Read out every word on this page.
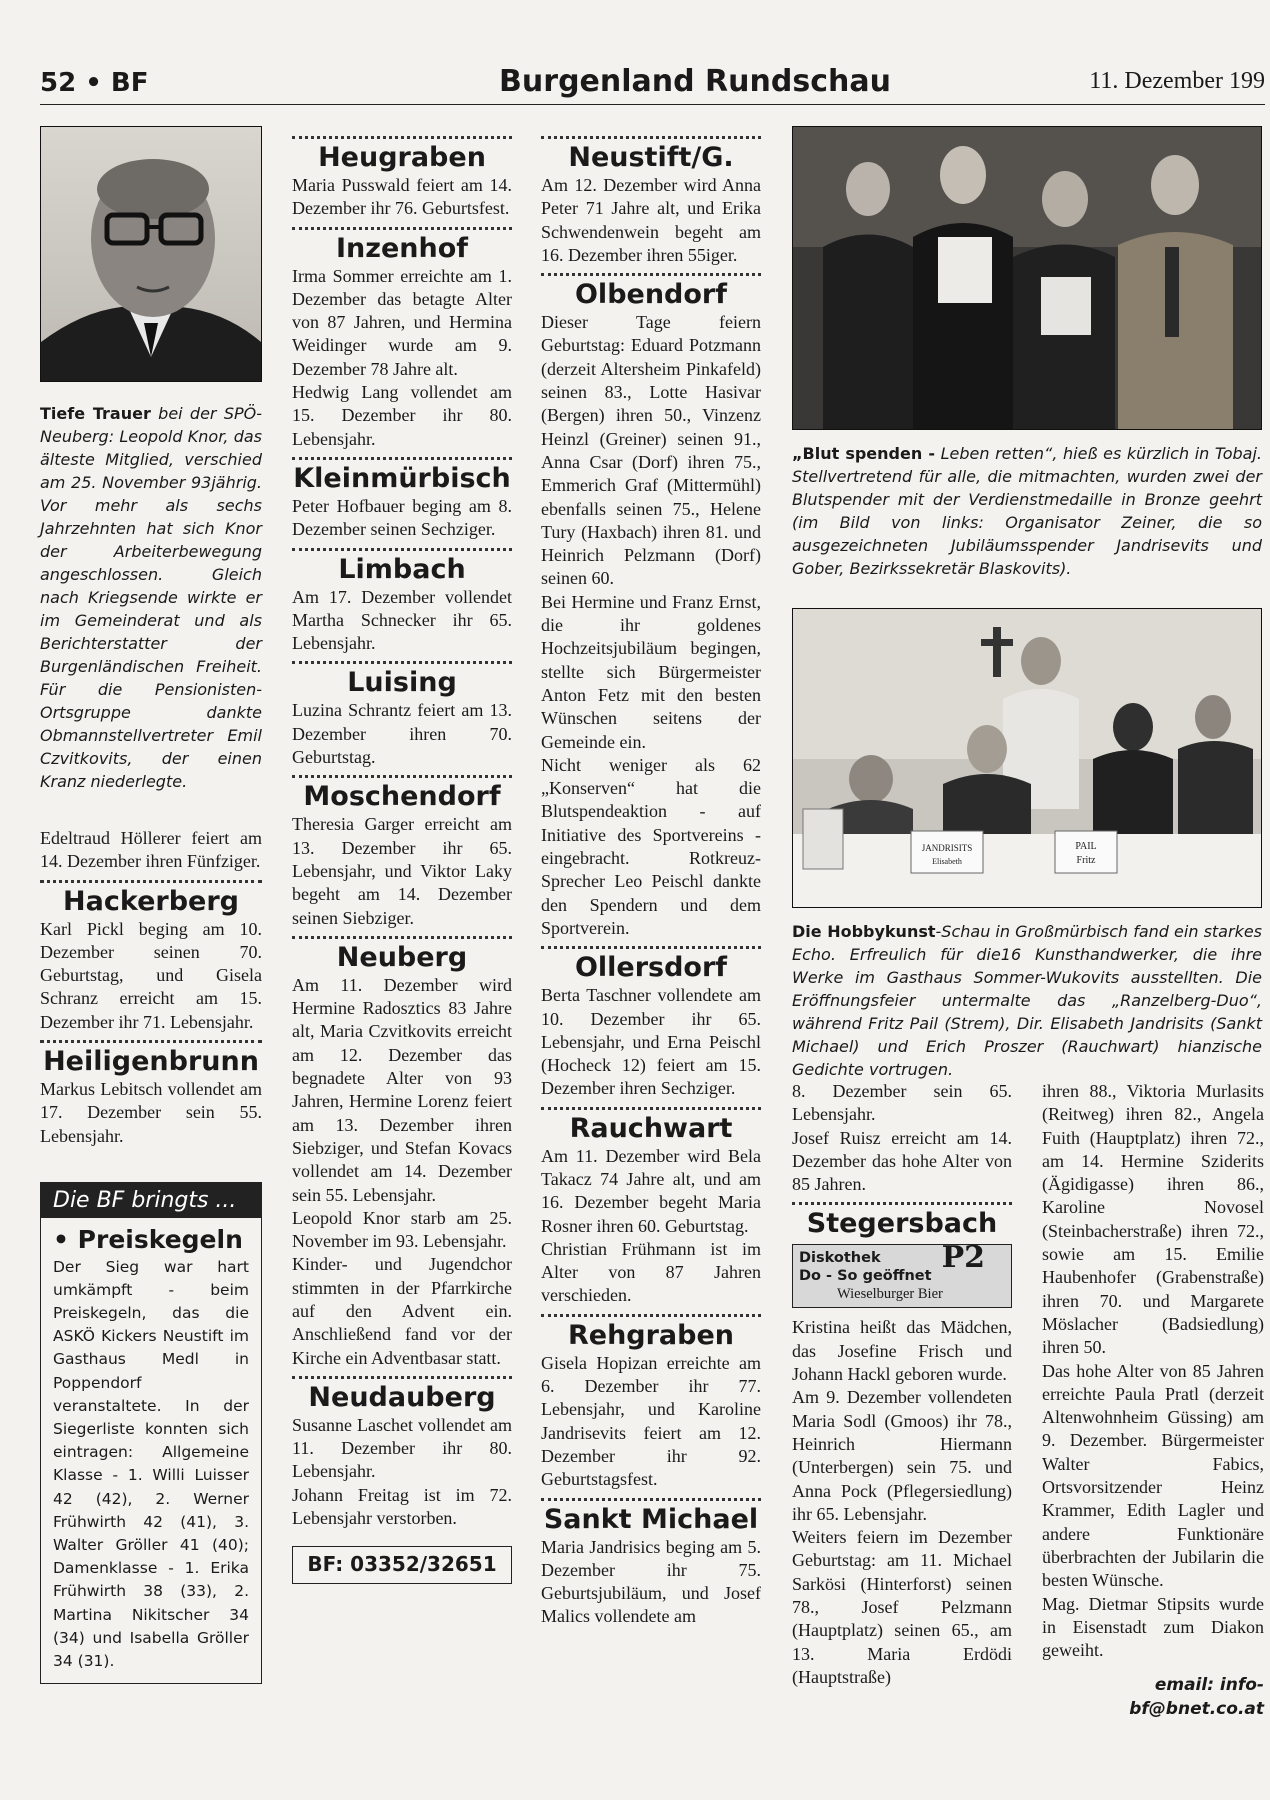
52 • BF	Burgenland Rundschau	11. Dezember 199

Tiefe Trauer bei der SPÖ-Neuberg: Leopold Knor, das älteste Mitglied, verschied am 25. November 93jährig. Vor mehr als sechs Jahrzehnten hat sich Knor der Arbeiterbewegung angeschlossen. Gleich nach Kriegsende wirkte er im Gemeinderat und als Berichterstatter der Burgenländischen Freiheit. Für die Pensionisten-Ortsgruppe dankte Obmannstellvertreter Emil Czvitkovits, der einen Kranz niederlegte.

Edeltraud Höllerer feiert am 14. Dezember ihren Fünfziger.

Hackerberg

Karl Pickl beging am 10. Dezember seinen 70. Geburtstag, und Gisela Schranz erreicht am 15. Dezember ihr 71. Lebensjahr.

Heiligenbrunn

Markus Lebitsch vollendet am 17. Dezember sein 55. Lebensjahr.

Die BF bringts ...
• Preiskegeln
Der Sieg war hart umkämpft - beim Preiskegeln, das die ASKÖ Kickers Neustift im Gasthaus Medl in Poppendorf veranstaltete. In der Siegerliste konnten sich eintragen: Allgemeine Klasse - 1. Willi Luisser 42 (42), 2. Werner Frühwirth 42 (41), 3. Walter Gröller 41 (40); Damenklasse - 1. Erika Frühwirth 38 (33), 2. Martina Nikitscher 34 (34) und Isabella Gröller 34 (31).
Heugraben

Maria Pusswald feiert am 14. Dezember ihr 76. Geburtsfest.

Inzenhof

Irma Sommer erreichte am 1. Dezember das betagte Alter von 87 Jahren, und Hermina Weidinger wurde am 9. Dezember 78 Jahre alt.

Hedwig Lang vollendet am 15. Dezember ihr 80. Lebensjahr.

Kleinmürbisch

Peter Hofbauer beging am 8. Dezember seinen Sechziger.

Limbach

Am 17. Dezember vollendet Martha Schnecker ihr 65. Lebensjahr.

Luising

Luzina Schrantz feiert am 13. Dezember ihren 70. Geburtstag.

Moschendorf

Theresia Garger erreicht am 13. Dezember ihr 65. Lebensjahr, und Viktor Laky begeht am 14. Dezember seinen Siebziger.

Neuberg

Am 11. Dezember wird Hermine Radosztics 83 Jahre alt, Maria Czvitkovits erreicht am 12. Dezember das begnadete Alter von 93 Jahren, Hermine Lorenz feiert am 13. Dezember ihren Siebziger, und Stefan Kovacs vollendet am 14. Dezember sein 55. Lebensjahr.

Leopold Knor starb am 25. November im 93. Lebensjahr.

Kinder- und Jugendchor stimmten in der Pfarrkirche auf den Advent ein. Anschließend fand vor der Kirche ein Adventbasar statt.

Neudauberg

Susanne Laschet vollendet am 11. Dezember ihr 80. Lebensjahr.

Johann Freitag ist im 72. Lebensjahr verstorben.

BF: 03352/32651
Neustift/G.

Am 12. Dezember wird Anna Peter 71 Jahre alt, und Erika Schwendenwein begeht am 16. Dezember ihren 55iger.

Olbendorf

Dieser Tage feiern Geburtstag: Eduard Potzmann (derzeit Altersheim Pinkafeld) seinen 83., Lotte Hasivar (Bergen) ihren 50., Vinzenz Heinzl (Greiner) seinen 91., Anna Csar (Dorf) ihren 75., Emmerich Graf (Mittermühl) ebenfalls seinen 75., Helene Tury (Haxbach) ihren 81. und Heinrich Pelzmann (Dorf) seinen 60.

Bei Hermine und Franz Ernst, die ihr goldenes Hochzeitsjubiläum begingen, stellte sich Bürgermeister Anton Fetz mit den besten Wünschen seitens der Gemeinde ein.

Nicht weniger als 62 „Konserven“ hat die Blutspendeaktion - auf Initiative des Sportvereins - eingebracht. Rotkreuz-Sprecher Leo Peischl dankte den Spendern und dem Sportverein.

Ollersdorf

Berta Taschner vollendete am 10. Dezember ihr 65. Lebensjahr, und Erna Peischl (Hocheck 12) feiert am 15. Dezember ihren Sechziger.

Rauchwart

Am 11. Dezember wird Bela Takacz 74 Jahre alt, und am 16. Dezember begeht Maria Rosner ihren 60. Geburtstag.

Christian Frühmann ist im Alter von 87 Jahren verschieden.

Rehgraben

Gisela Hopizan erreichte am 6. Dezember ihr 77. Lebensjahr, und Karoline Jandrisevits feiert am 12. Dezember ihr 92. Geburtstagsfest.

Sankt Michael

Maria Jandrisics beging am 5. Dezember ihr 75. Geburtsjubiläum, und Josef Malics vollendete am

„Blut spenden - Leben retten“, hieß es kürzlich in Tobaj. Stellvertretend für alle, die mitmachten, wurden zwei der Blutspender mit der Verdienstmedaille in Bronze geehrt (im Bild von links: Organisator Zeiner, die so ausgezeichneten Jubiläumsspender Jandrisevits und Gober, Bezirkssekretär Blaskovits).

JANDRISITS
Elisabeth
PAIL
Fritz

Die Hobbykunst-Schau in Großmürbisch fand ein starkes Echo. Erfreulich für die16 Kunsthandwerker, die ihre Werke im Gasthaus Sommer-Wukovits ausstellten. Die Eröffnungsfeier untermalte das „Ranzelberg-Duo“, während Fritz Pail (Strem), Dir. Elisabeth Jandrisits (Sankt Michael) und Erich Proszer (Rauchwart) hianzische Gedichte vortrugen.

8. Dezember sein 65. Lebensjahr.

Josef Ruisz erreicht am 14. Dezember das hohe Alter von 85 Jahren.

Stegersbach
Diskothek
Do - So geöffnet
Wieselburger Bier
P2

Kristina heißt das Mädchen, das Josefine Frisch und Johann Hackl geboren wurde.

Am 9. Dezember vollendeten Maria Sodl (Gmoos) ihr 78., Heinrich Hiermann (Unterbergen) sein 75. und Anna Pock (Pflegersiedlung) ihr 65. Lebensjahr.

Weiters feiern im Dezember Geburtstag: am 11. Michael Sarkösi (Hinterforst) seinen 78., Josef Pelzmann (Hauptplatz) seinen 65., am 13. Maria Erdödi (Hauptstraße)

ihren 88., Viktoria Murlasits (Reitweg) ihren 82., Angela Fuith (Hauptplatz) ihren 72., am 14. Hermine Sziderits (Ägidigasse) ihren 86., Karoline Novosel (Steinbacherstraße) ihren 72., sowie am 15. Emilie Haubenhofer (Grabenstraße) ihren 70. und Margarete Möslacher (Badsiedlung) ihren 50.

Das hohe Alter von 85 Jahren erreichte Paula Pratl (derzeit Altenwohnheim Güssing) am 9. Dezember. Bürgermeister Walter Fabics, Ortsvorsitzender Heinz Krammer, Edith Lagler und andere Funktionäre überbrachten der Jubilarin die besten Wünsche.

Mag. Dietmar Stipsits wurde in Eisenstadt zum Diakon geweiht.

email: info-bf@bnet.co.at
